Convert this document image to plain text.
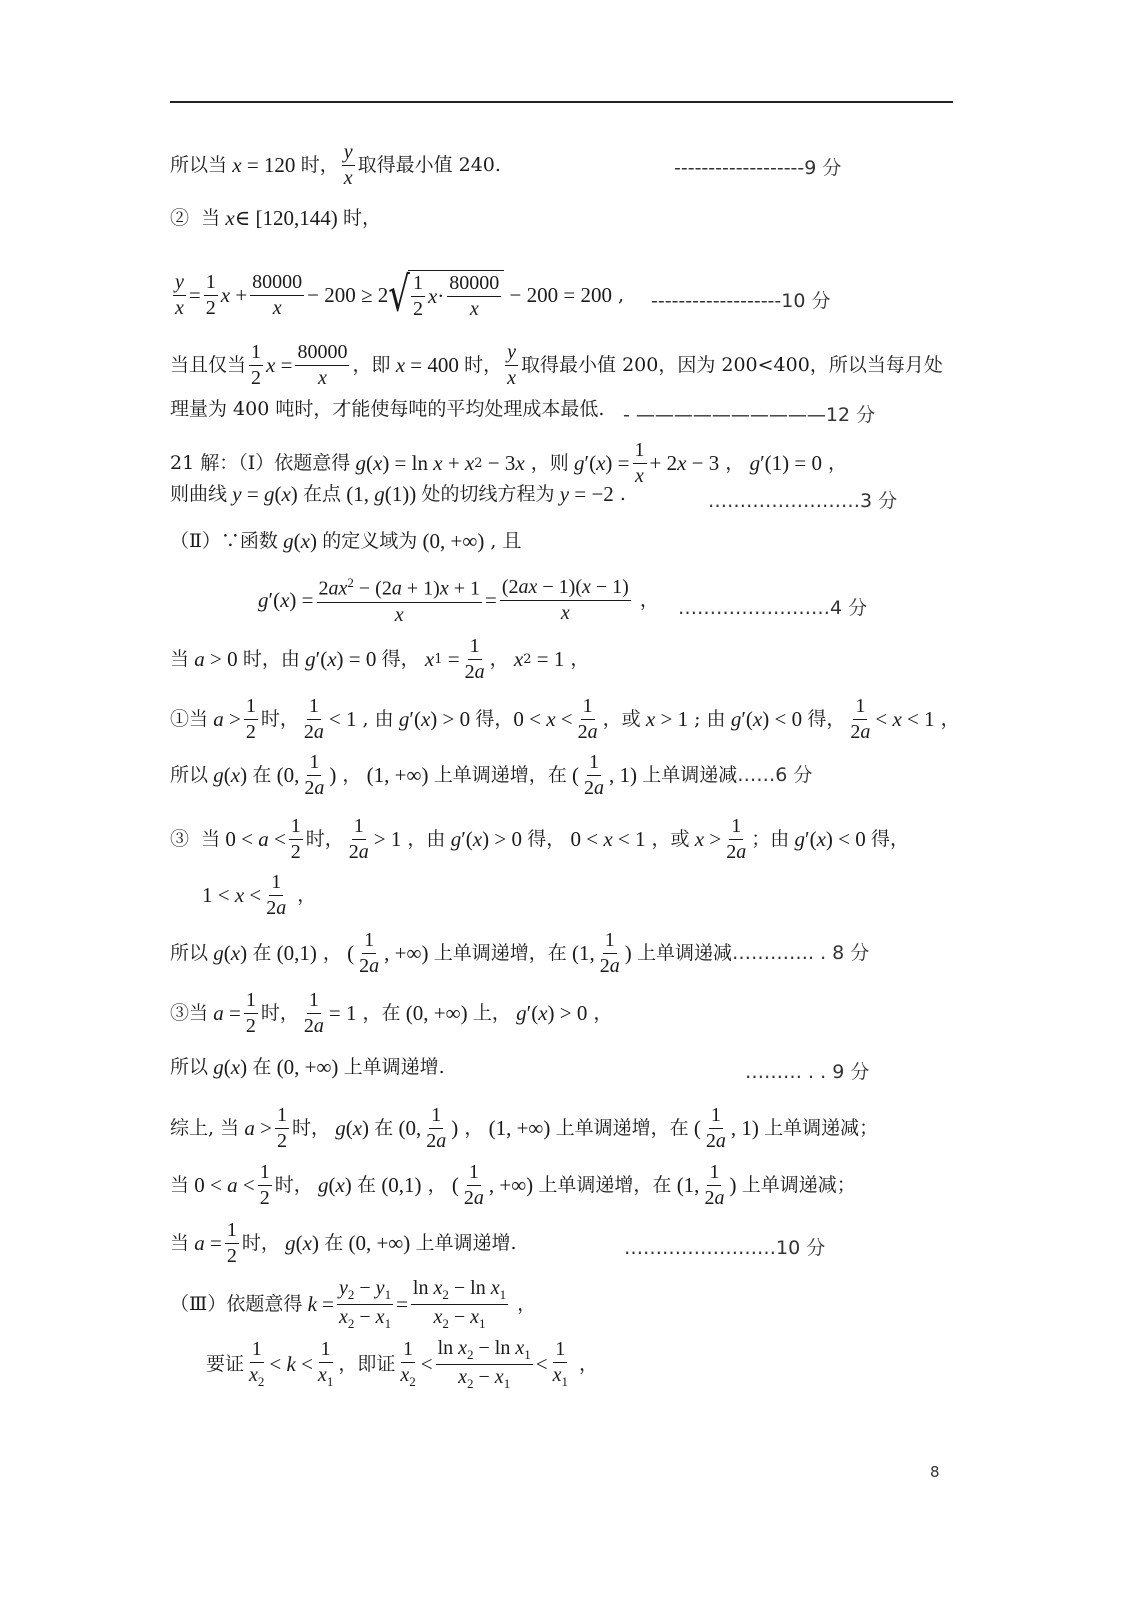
所以当 x = 120 时， $\frac{y}{x}$ 取得最小值 240.	-------------------9 分
②  当 x ∈ [120,144) 时，
$\frac{y}{x} = \frac{1}{2}$ $x + \frac{80000}{x} - 200 \ge 2$ √ $\frac{1}{2}$ $x \cdot \frac{80000}{x} - 200 = 200$ , -------------------10 分
当且仅当 $\frac{1}{2}$ $x = \frac{80000}{x}$ ，即 x = 400 时， $\frac{y}{x}$ 取得最小值 200，因为 200<400，所以当每月处
理量为 400 吨时，才能使每吨的平均处理成本最低. - ——————————12 分
21 解：（Ⅰ）依题意得 g ( x ) = ln x + x 2 − 3 x ，则 g ′( x ) = $\frac{1}{x} + 2$ x − 3 ， g ′(1) = 0 ，
则曲线 y = g ( x ) 在点 (1, g (1)) 处的切线方程为 y = −2 .	……………………3 分
（Ⅱ）∵函数 g ( x ) 的定义域为 (0, +∞) , 且
g ′( x ) = $\frac{2ax^2 - (2a + 1)x + 1}{x} = \frac{(2ax - 1)(x - 1)}{x}$ ， ……………………4 分
当 a > 0 时，由 g ′( x ) = 0 得， x $1 = \frac{1}{2a}$ ， x 2 = 1 ，
①当 $a > \frac{1}{2}$ 时， $\frac{1}{2a} < 1$ , 由 g ′( x ) > 0 得， $0 < x < \frac{1}{2a}$ ，或 x > 1 ; 由 g ′( x ) < 0 得， $\frac{1}{2a} < x < 1$ ，
所以 g ( x ) 在 (0, $\frac{1}{2a}$ ) ， (1, +∞) 上单调递增，在 ( $\frac{1}{2a}$ , 1) 上单调递减 ……6 分
③  当 $0 < a < \frac{1}{2}$ 时， $\frac{1}{2a} > 1$ ，由 g ′( x ) > 0 得， 0 < x < 1 ，或 $x > \frac{1}{2a}$ ；由 g ′( x ) < 0 得，
$1 < x < \frac{1}{2a}$ ，
所以 g ( x ) 在 (0,1) ， ( $\frac{1}{2a}$ , +∞) 上单调递增，在 (1, $\frac{1}{2a}$ ) 上单调递减 …………. . 8 分
③当 $a = \frac{1}{2}$ 时， $\frac{1}{2a} = 1$ ，在 (0, +∞) 上， g ′( x ) > 0 ，
所以 g ( x ) 在 (0, +∞) 上单调递增.	……… . . 9 分
综上, 当 $a > \frac{1}{2}$ 时， g ( x ) 在 (0, $\frac{1}{2a}$ ) ， (1, +∞) 上单调递增，在 ( $\frac{1}{2a}$ , 1) 上单调递减；
当 $0 < a < \frac{1}{2}$ 时， g ( x ) 在 (0,1) ， ( $\frac{1}{2a}$ , +∞) 上单调递增，在 (1, $\frac{1}{2a}$ ) 上单调递减；
当 $a = \frac{1}{2}$ 时， g ( x ) 在 (0, +∞) 上单调递增.	……………………10 分
（Ⅲ）依题意得 $k = \frac{y_2 - y_1}{x_2 - x_1} = \frac{\ln x_2 - \ln x_1}{x_2 - x_1}$ ，
要证 $\frac{1}{x_2} < k < \frac{1}{x_1}$ ，即证 $\frac{1}{x_2} < \frac{\ln x_2 - \ln x_1}{x_2 - x_1} < \frac{1}{x_1}$ ，
8
